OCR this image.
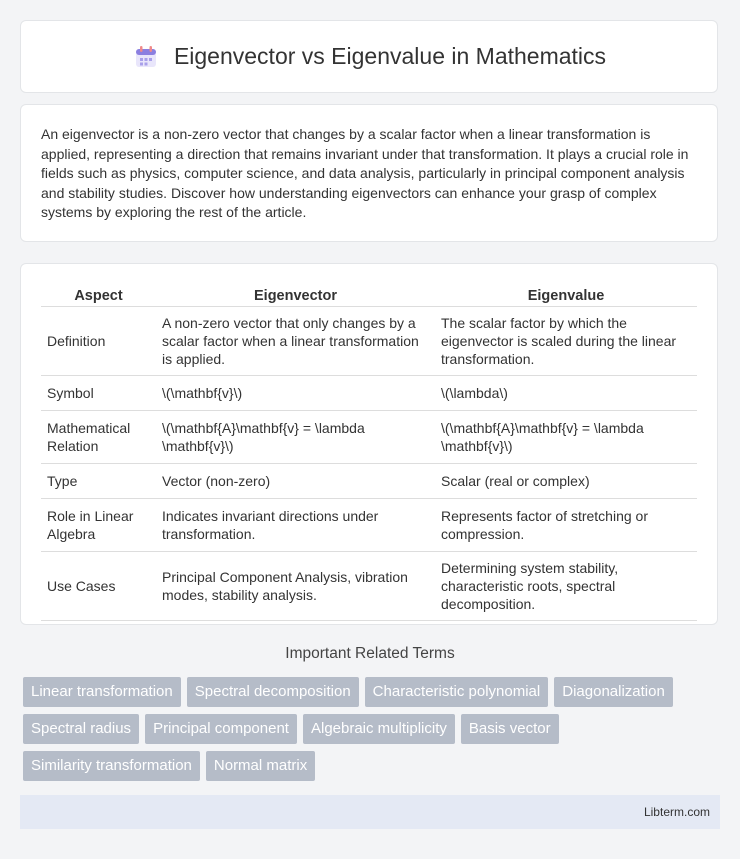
Eigenvector vs Eigenvalue in Mathematics

An eigenvector is a non-zero vector that changes by a scalar factor when a linear transformation is applied, representing a direction that remains invariant under that transformation. It plays a crucial role in fields such as physics, computer science, and data analysis, particularly in principal component analysis and stability studies. Discover how understanding eigenvectors can enhance your grasp of complex systems by exploring the rest of the article.

Aspect	Eigenvector	Eigenvalue
Definition	A non-zero vector that only changes by a scalar factor when a linear transformation is applied.	The scalar factor by which the eigenvector is scaled during the linear transformation.
Symbol	\(\mathbf{v}\)	\(\lambda\)
Mathematical Relation	\(\mathbf{A}\mathbf{v} = \lambda \mathbf{v}\)	\(\mathbf{A}\mathbf{v} = \lambda \mathbf{v}\)
Type	Vector (non-zero)	Scalar (real or complex)
Role in Linear Algebra	Indicates invariant directions under transformation.	Represents factor of stretching or compression.
Use Cases	Principal Component Analysis, vibration modes, stability analysis.	Determining system stability, characteristic roots, spectral decomposition.
Important Related Terms
Linear transformation	Spectral decomposition	Characteristic polynomial	Diagonalization
Spectral radius	Principal component	Algebraic multiplicity	Basis vector
Similarity transformation	Normal matrix
Libterm.com
